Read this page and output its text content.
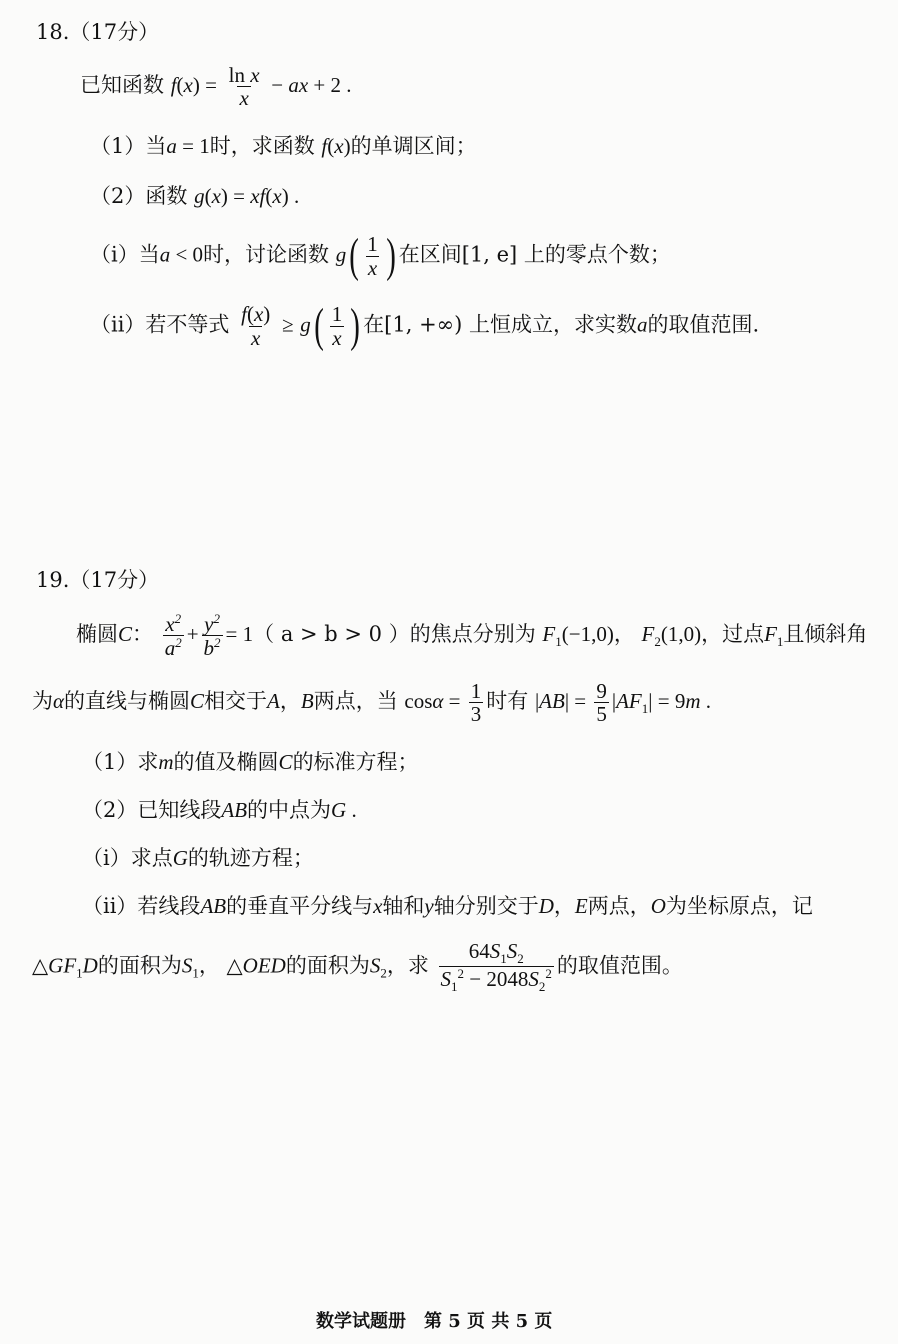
18.（17分）
已知函数 $f(x) = \frac{\text{ln x}}{x}$ − ax + 2 .
（1）当a = 1时，求函数 f(x)的单调区间；
（2）函数 g(x) = xf(x) .
（i）当a < 0时，讨论函数 $g( \frac{1}{x}$ ) 在区间[1, e] 上的零点个数；
（ii）若不等式 $\frac{f(x)}{x} \ge g( \frac{1}{x}$ ) 在[1, +∞) 上恒成立，求实数a的取值范围.
19.（17分）
椭圆C： $\frac{x^2}{a^2} + \frac{y^2}{b^2} = 1$（ a > b > 0 ）的焦点分别为 $F_1(-1,0)$， $F_2(1,0)$，过点$F_1$且倾斜角
为α的直线与椭圆C相交于A，B两点，当 $\cos\alpha = \frac{1}{3}$ 时有 $|AB| = \frac{9}{5} |AF_1| = 9m$ .
（1）求m的值及椭圆C的标准方程；
（2）已知线段AB的中点为G .
（i）求点G的轨迹方程；
（ii）若线段AB的垂直平分线与x轴和y轴分别交于D，E两点，O为坐标原点，记
$\triangle GF_1D$的面积为$S_1$， △OED的面积为$S_2$，求 $\frac{64S_1S_2}{S_1^2 - 2048S_2^2}$ 的取值范围。
数学试题册　第 5 页 共 5 页
